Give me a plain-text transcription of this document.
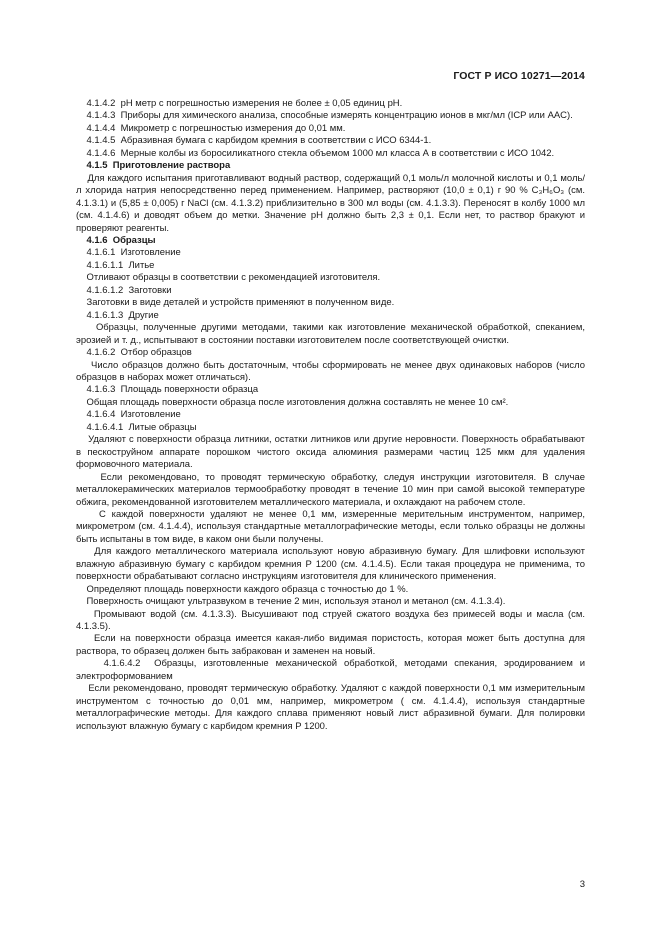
ГОСТ Р ИСО 10271—2014

4.1.4.2  pH метр с погрешностью измерения не более ± 0,05 единиц pH.

4.1.4.3  Приборы для химического анализа, способные измерять концентрацию ионов в мкг/мл (ICP или AAC).

4.1.4.4  Микрометр с погрешностью измерения до 0,01 мм.

4.1.4.5  Абразивная бумага с карбидом кремния в соответствии с ИСО 6344-1.

4.1.4.6  Мерные колбы из боросиликатного стекла объемом 1000 мл класса А в соответствии с ИСО 1042.

4.1.5  Приготовление раствора

Для каждого испытания приготавливают водный раствор, содержащий 0,1 моль/л молочной кислоты и 0,1 моль/л хлорида натрия непосредственно перед применением. Например, растворяют (10,0 ± 0,1) г 90 % C₃H₆O₃ (см. 4.1.3.1) и (5,85 ± 0,005) г NaCl (см. 4.1.3.2) приблизительно в 300 мл воды (см. 4.1.3.3). Переносят в колбу 1000 мл (см. 4.1.4.6) и доводят объем до метки. Значение pH должно быть 2,3 ± 0,1. Если нет, то раствор бракуют и проверяют реагенты.

4.1.6  Образцы

4.1.6.1  Изготовление

4.1.6.1.1  Литье

Отливают образцы в соответствии с рекомендацией изготовителя.

4.1.6.1.2  Заготовки

Заготовки в виде деталей и устройств применяют в полученном виде.

4.1.6.1.3  Другие

Образцы, полученные другими методами, такими как изготовление механической обработкой, спеканием, эрозией и т. д., испытывают в состоянии поставки изготовителем после соответствующей очистки.

4.1.6.2  Отбор образцов

Число образцов должно быть достаточным, чтобы сформировать не менее двух одинаковых наборов (число образцов в наборах может отличаться).

4.1.6.3  Площадь поверхности образца

Общая площадь поверхности образца после изготовления должна составлять не менее 10 см².

4.1.6.4  Изготовление

4.1.6.4.1  Литые образцы

Удаляют с поверхности образца литники, остатки литников или другие неровности. Поверхность обрабатывают в пескоструйном аппарате порошком чистого оксида алюминия размерами частиц 125 мкм для удаления формовочного материала.

Если рекомендовано, то проводят термическую обработку, следуя инструкции изготовителя. В случае металлокерамических материалов термообработку проводят в течение 10 мин при самой высокой температуре обжига, рекомендованной изготовителем металлического материала, и охлаждают на рабочем столе.

С каждой поверхности удаляют не менее 0,1 мм, измеренные мерительным инструментом, например, микрометром (см. 4.1.4.4), используя стандартные металлографические методы, если только образцы не должны быть испытаны в том виде, в каком они были получены.

Для каждого металлического материала используют новую абразивную бумагу. Для шлифовки используют влажную абразивную бумагу с карбидом кремния P 1200 (см. 4.1.4.5). Если такая процедура не применима, то поверхности обрабатывают согласно инструкциям изготовителя для клинического применения.

Определяют площадь поверхности каждого образца с точностью до 1 %.

Поверхность очищают ультразвуком в течение 2 мин, используя этанол и метанол (см. 4.1.3.4).

Промывают водой (см. 4.1.3.3). Высушивают под струей сжатого воздуха без примесей воды и масла (см. 4.1.3.5).

Если на поверхности образца имеется какая-либо видимая пористость, которая может быть доступна для раствора, то образец должен быть забракован и заменен на новый.

4.1.6.4.2  Образцы, изготовленные механической обработкой, методами спекания, эродированием и электроформованием

Если рекомендовано, проводят термическую обработку. Удаляют с каждой поверхности 0,1 мм измерительным инструментом с точностью до 0,01 мм, например, микрометром ( см. 4.1.4.4), используя стандартные металлографические методы. Для каждого сплава применяют новый лист абразивной бумаги. Для полировки используют влажную бумагу с карбидом кремния P 1200.

3
